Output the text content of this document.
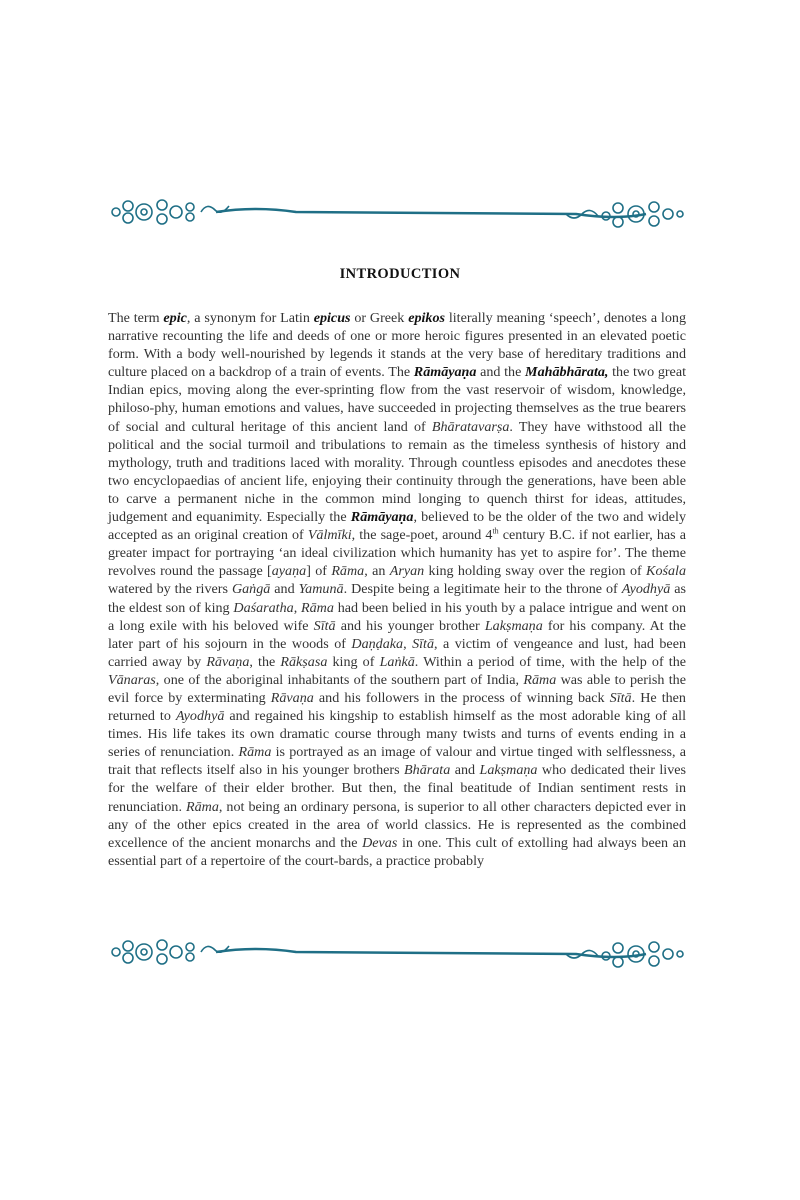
INTRODUCTION

The term epic, a synonym for Latin epicus or Greek epikos literally meaning ‘speech’, denotes a long narrative recounting the life and deeds of one or more heroic figures presented in an elevated poetic form. With a body well-nourished by legends it stands at the very base of hereditary traditions and culture placed on a backdrop of a train of events. The Rāmāyaṇa and the Mahābhārata, the two great Indian epics, moving along the ever-sprinting flow from the vast reservoir of wisdom, knowledge, philoso-phy, human emotions and values, have succeeded in projecting themselves as the true bearers of social and cultural heritage of this ancient land of Bhāratavarṣa. They have withstood all the political and the social turmoil and tribulations to remain as the timeless synthesis of history and mythology, truth and traditions laced with morality. Through countless episodes and anecdotes these two encyclopaedias of ancient life, enjoying their continuity through the generations, have been able to carve a permanent niche in the common mind longing to quench thirst for ideas, attitudes, judgement and equanimity. Especially the Rāmāyaṇa, believed to be the older of the two and widely accepted as an original creation of Vālmīki, the sage-poet, around 4th century B.C. if not earlier, has a greater impact for portraying ‘an ideal civilization which humanity has yet to aspire for’. The theme revolves round the passage [ayaṇa] of Rāma, an Aryan king holding sway over the region of Kośala watered by the rivers Gaṅgā and Yamunā. Despite being a legitimate heir to the throne of Ayodhyā as the eldest son of king Daśaratha, Rāma had been belied in his youth by a palace intrigue and went on a long exile with his beloved wife Sītā and his younger brother Lakṣmaṇa for his company. At the later part of his sojourn in the woods of Daṇḍaka, Sītā, a victim of vengeance and lust, had been carried away by Rāvaṇa, the Rākṣasa king of Laṅkā. Within a period of time, with the help of the Vānaras, one of the aboriginal inhabitants of the southern part of India, Rāma was able to perish the evil force by exterminating Rāvaṇa and his followers in the process of winning back Sītā. He then returned to Ayodhyā and regained his kingship to establish himself as the most adorable king of all times. His life takes its own dramatic course through many twists and turns of events ending in a series of renunciation. Rāma is portrayed as an image of valour and virtue tinged with selflessness, a trait that reflects itself also in his younger brothers Bhārata and Lakṣmaṇa who dedicated their lives for the welfare of their elder brother. But then, the final beatitude of Indian sentiment rests in renunciation. Rāma, not being an ordinary persona, is superior to all other characters depicted ever in any of the other epics created in the area of world classics. He is represented as the combined excellence of the ancient monarchs and the Devas in one. This cult of extolling had always been an essential part of a repertoire of the court-bards, a practice probably
